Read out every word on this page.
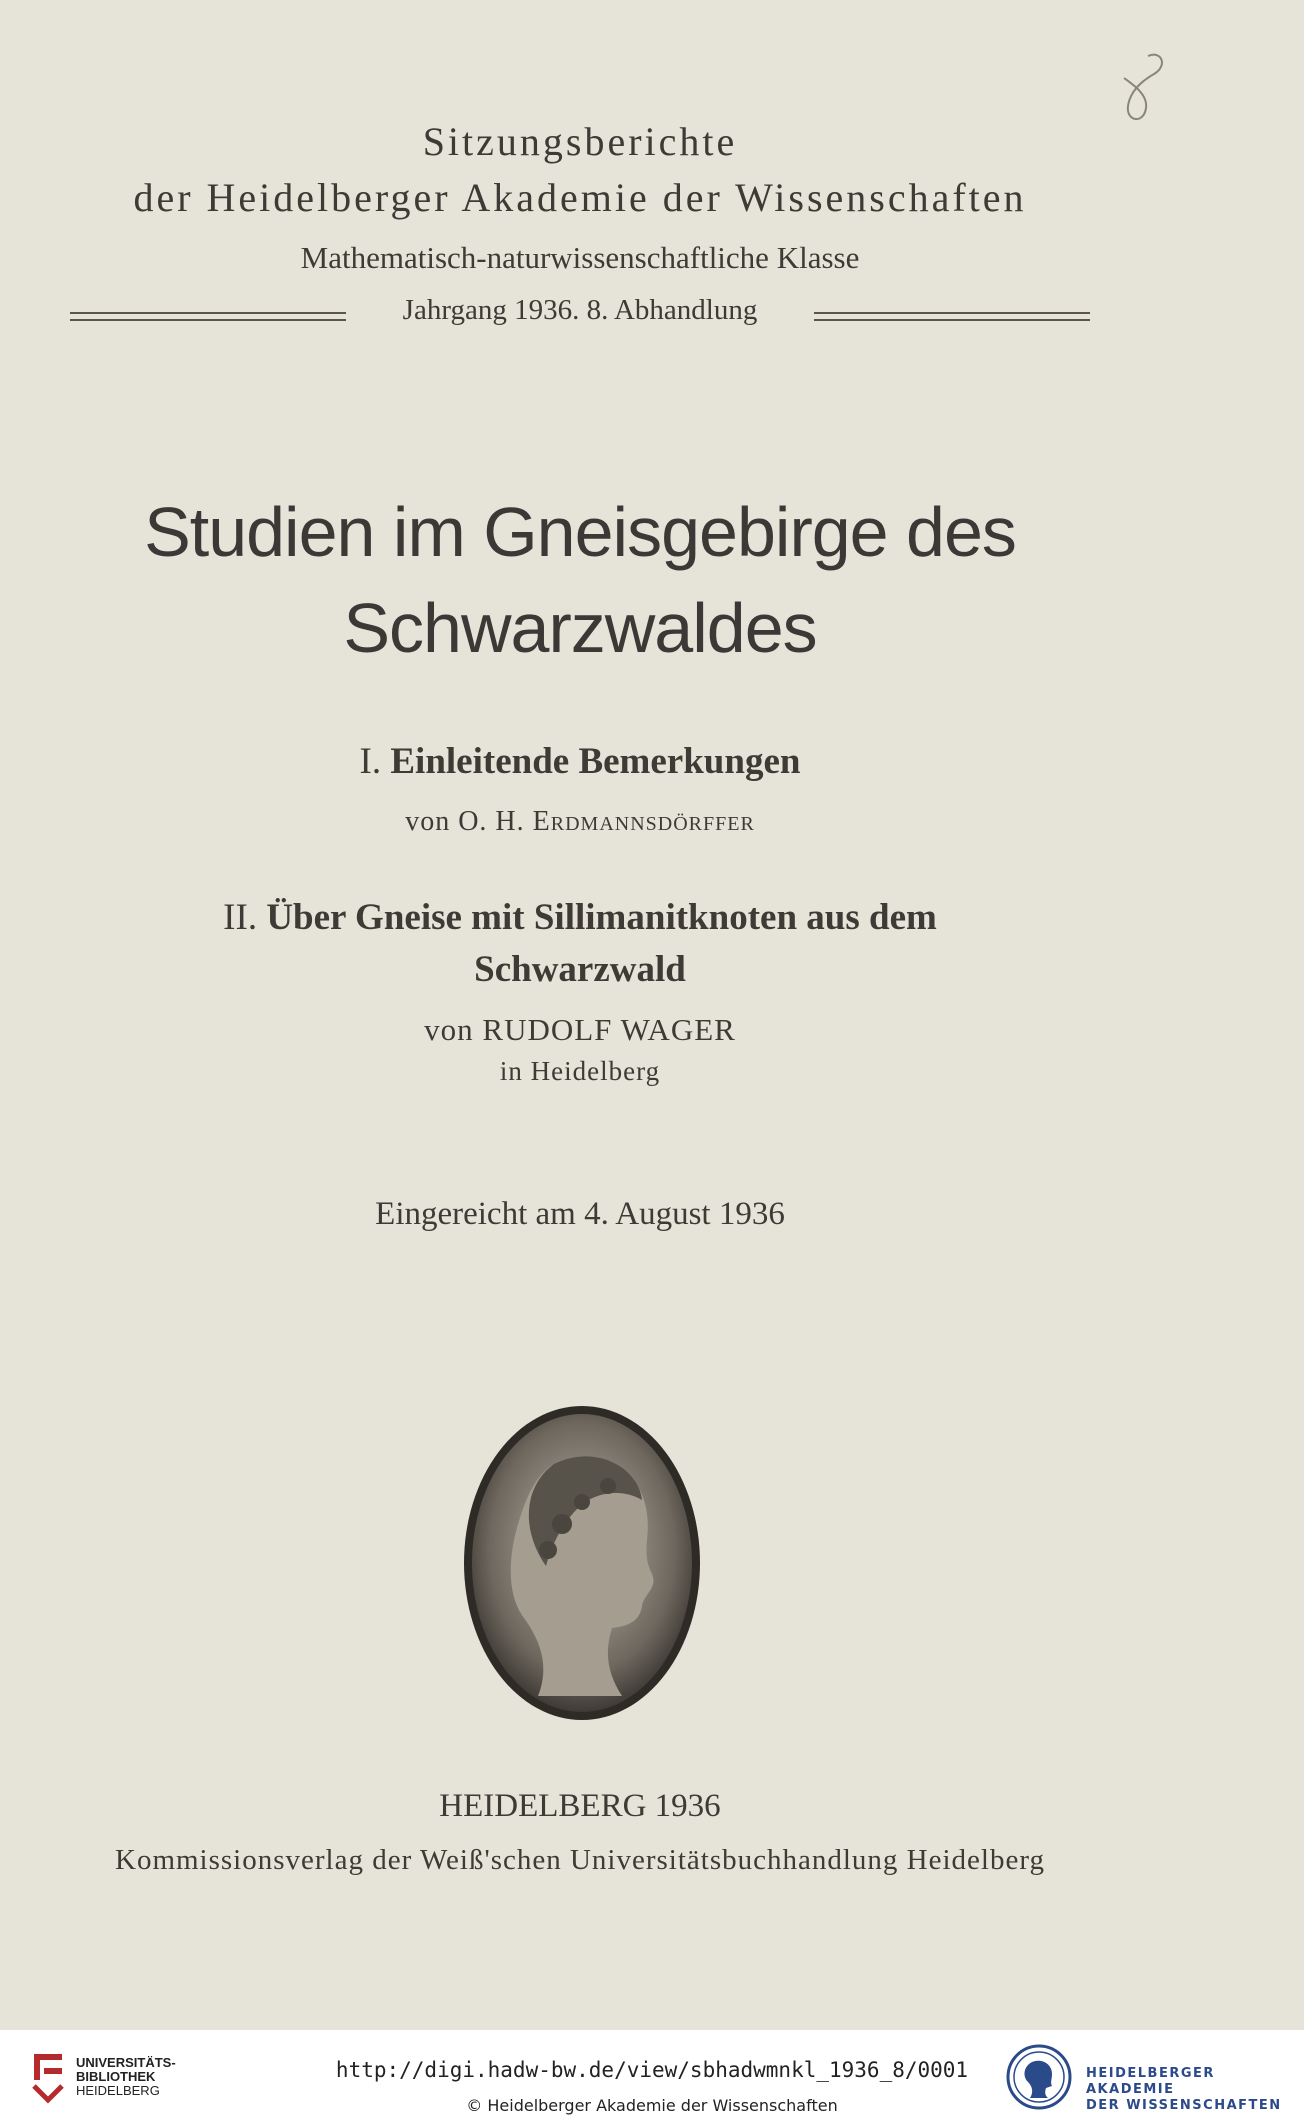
Sitzungsberichte
der Heidelberger Akademie der Wissenschaften
Mathematisch-naturwissenschaftliche Klasse
Jahrgang 1936. 8. Abhandlung
Studien im Gneisgebirge des
Schwarzwaldes
I. Einleitende Bemerkungen
von O. H. Erdmannsdörffer
II. Über Gneise mit Sillimanitknoten aus dem
Schwarzwald
von RUDOLF WAGER
in Heidelberg
Eingereicht am 4. August 1936
HEIDELBERG 1936
Kommissionsverlag der Weiß'schen Universitätsbuchhandlung Heidelberg
UNIVERSITÄTS-
BIBLIOTHEK
HEIDELBERG
http://digi.hadw-bw.de/view/sbhadwmnkl_1936_8/0001
© Heidelberger Akademie der Wissenschaften
HEIDELBERGER AKADEMIE
DER WISSENSCHAFTEN
